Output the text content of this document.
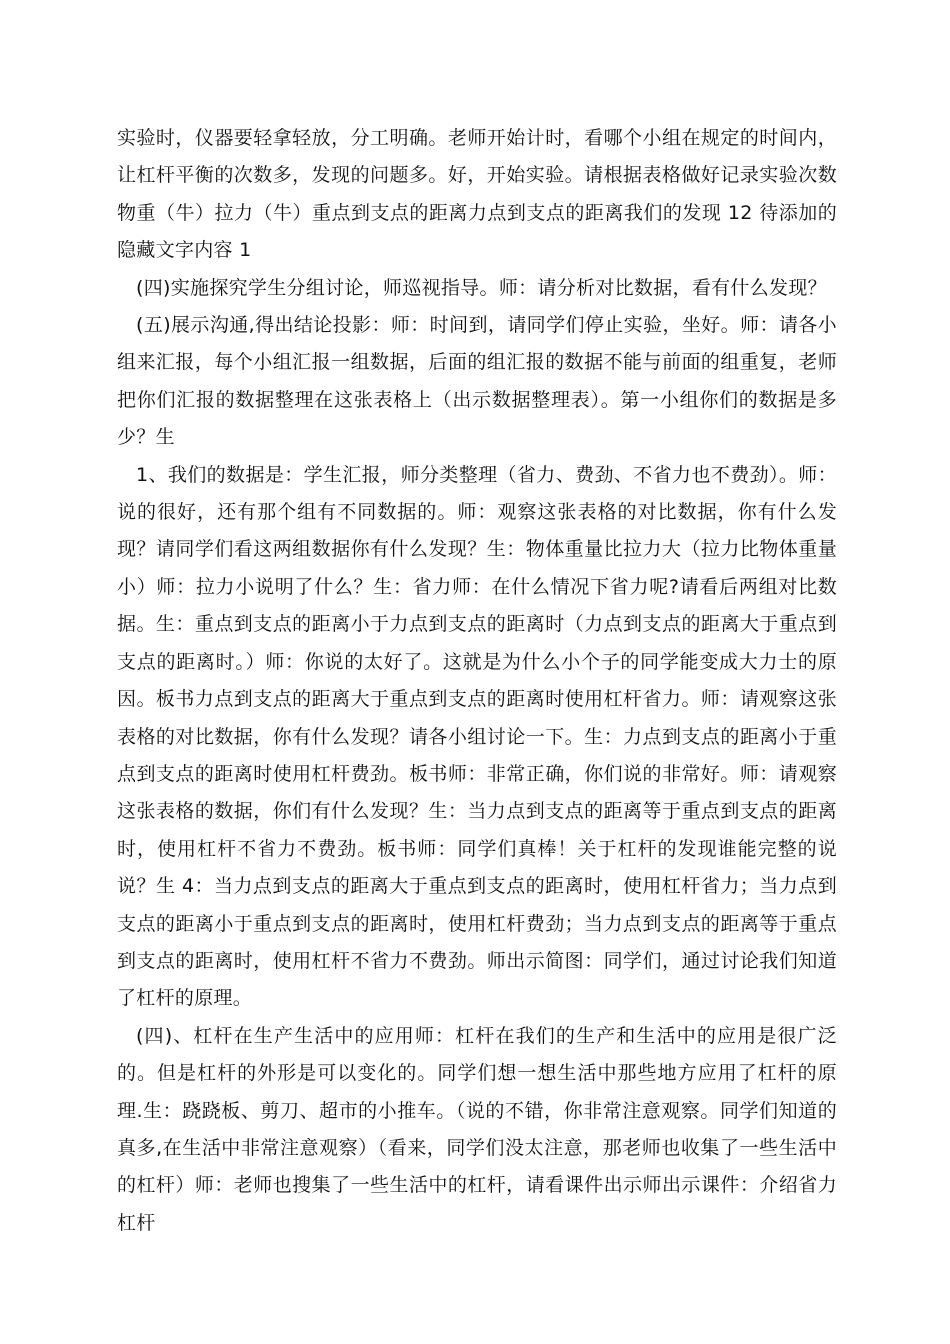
实验时，仪器要轻拿轻放，分工明确。老师开始计时，看哪个小组在规定的时间内，让杠杆平衡的次数多，发现的问题多。好，开始实验。请根据表格做好记录实验次数物重（牛）拉力（牛）重点到支点的距离力点到支点的距离我们的发现 12 待添加的隐藏文字内容 1

(四)实施探究学生分组讨论，师巡视指导。师：请分析对比数据，看有什么发现？

(五)展示沟通,得出结论投影：师：时间到，请同学们停止实验，坐好。师：请各小组来汇报，每个小组汇报一组数据，后面的组汇报的数据不能与前面的组重复，老师把你们汇报的数据整理在这张表格上（出示数据整理表）。第一小组你们的数据是多少？生

1、我们的数据是：学生汇报，师分类整理（省力、费劲、不省力也不费劲）。师：说的很好，还有那个组有不同数据的。师：观察这张表格的对比数据，你有什么发现？请同学们看这两组数据你有什么发现？生：物体重量比拉力大（拉力比物体重量小）师：拉力小说明了什么？生：省力师：在什么情况下省力呢?请看后两组对比数据。生：重点到支点的距离小于力点到支点的距离时（力点到支点的距离大于重点到支点的距离时。）师：你说的太好了。这就是为什么小个子的同学能变成大力士的原因。板书力点到支点的距离大于重点到支点的距离时使用杠杆省力。师：请观察这张表格的对比数据，你有什么发现？请各小组讨论一下。生：力点到支点的距离小于重点到支点的距离时使用杠杆费劲。板书师：非常正确，你们说的非常好。师：请观察这张表格的数据，你们有什么发现？生：当力点到支点的距离等于重点到支点的距离时，使用杠杆不省力不费劲。板书师：同学们真棒！关于杠杆的发现谁能完整的说说？生 4：当力点到支点的距离大于重点到支点的距离时，使用杠杆省力；当力点到支点的距离小于重点到支点的距离时，使用杠杆费劲；当力点到支点的距离等于重点到支点的距离时，使用杠杆不省力不费劲。师出示简图：同学们，通过讨论我们知道了杠杆的原理。

(四)、杠杆在生产生活中的应用师：杠杆在我们的生产和生活中的应用是很广泛的。但是杠杆的外形是可以变化的。同学们想一想生活中那些地方应用了杠杆的原理.生：跷跷板、剪刀、超市的小推车。（说的不错，你非常注意观察。同学们知道的真多,在生活中非常注意观察）（看来，同学们没太注意，那老师也收集了一些生活中的杠杆）师：老师也搜集了一些生活中的杠杆，请看课件出示师出示课件：介绍省力杠杆
